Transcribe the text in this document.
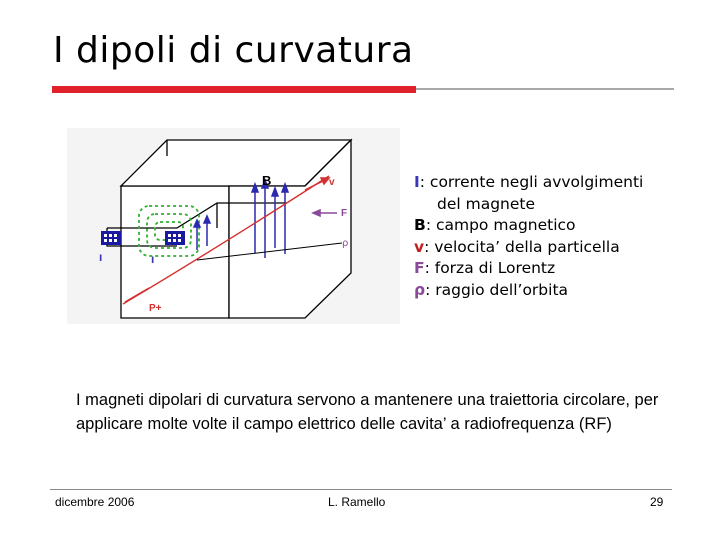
I dipoli di curvatura
B	v
F
ρ
I	I
P+
I: corrente negli avvolgimenti
del magnete
B: campo magnetico
v: velocita’ della particella
F: forza di Lorentz
ρ: raggio dell’orbita
I magneti dipolari di curvatura servono a mantenere una traiettoria circolare, per applicare molte volte il campo elettrico delle cavita’ a radiofrequenza (RF)
dicembre 2006	L. Ramello	29
